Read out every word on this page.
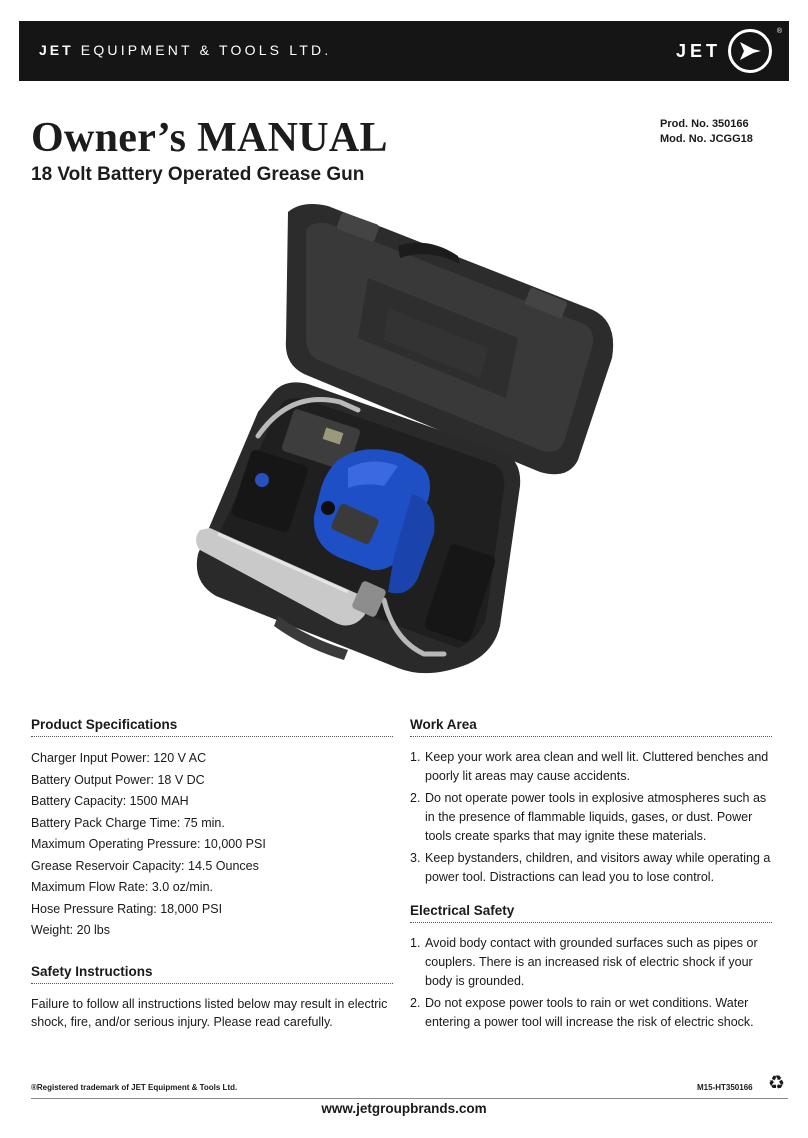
JET EQUIPMENT & TOOLS LTD.	JET
®
Owner’s MANUAL
18 Volt Battery Operated Grease Gun
Prod. No. 350166
Mod. No. JCGG18
Product Specifications

Charger Input Power: 120 V AC

Battery Output Power: 18 V DC

Battery Capacity: 1500 MAH

Battery Pack Charge Time: 75 min.

Maximum Operating Pressure: 10,000 PSI

Grease Reservoir Capacity: 14.5 Ounces

Maximum Flow Rate: 3.0 oz/min.

Hose Pressure Rating: 18,000 PSI

Weight: 20 lbs

Safety Instructions

Failure to follow all instructions listed below may result in electric shock, fire, and/or serious injury. Please read carefully.

Work Area
1. Keep your work area clean and well lit. Cluttered benches and poorly lit areas may cause accidents.
2. Do not operate power tools in explosive atmospheres such as in the presence of flammable liquids, gases, or dust. Power tools create sparks that may ignite these materials.
3. Keep bystanders, children, and visitors away while operating a power tool. Distractions can lead you to lose control.
Electrical Safety
1. Avoid body contact with grounded surfaces such as pipes or couplers. There is an increased risk of electric shock if your body is grounded.
2. Do not expose power tools to rain or wet conditions. Water entering a power tool will increase the risk of electric shock.
®Registered trademark of JET Equipment & Tools Ltd.	M15-HT350166 ♻
www.jetgroupbrands.com
